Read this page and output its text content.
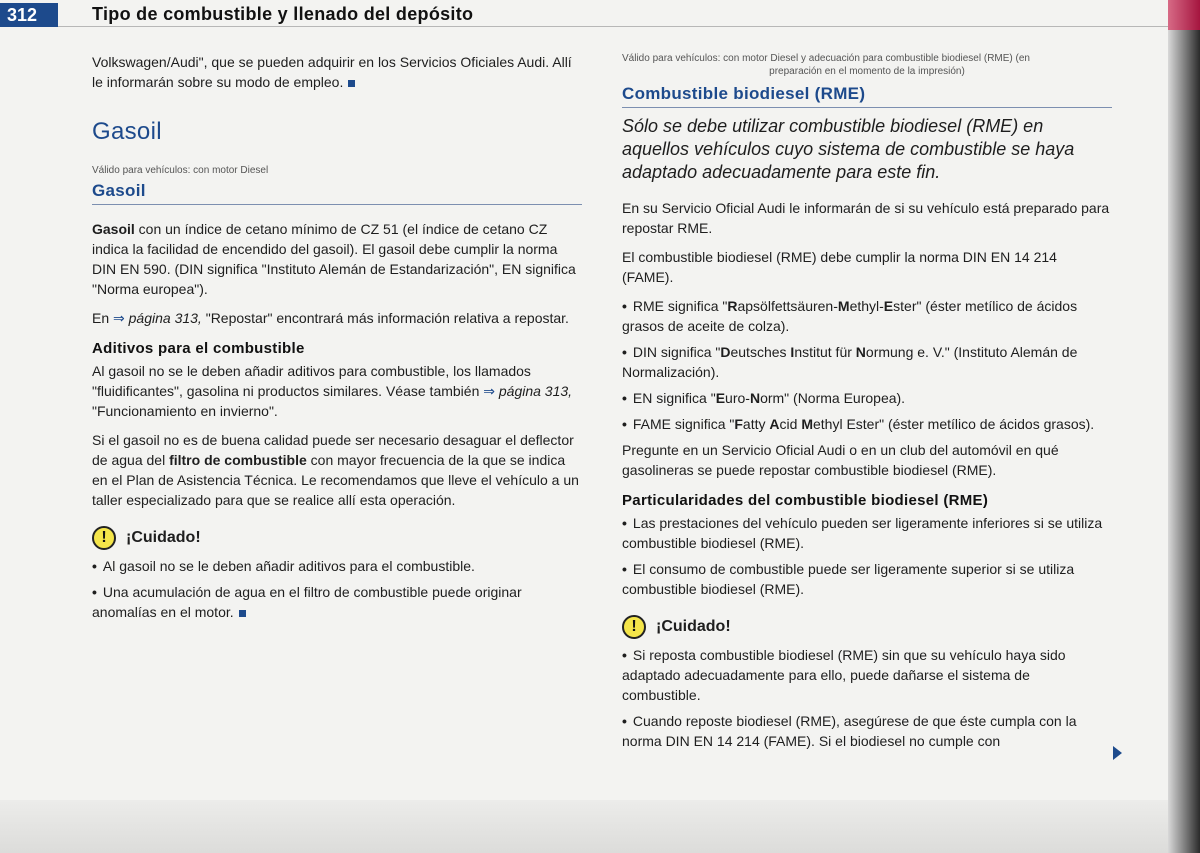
312	Tipo de combustible y llenado del depósito

Volkswagen/Audi", que se pueden adquirir en los Servicios Oficiales Audi. Allí le informarán sobre su modo de empleo.

Gasoil

Válido para vehículos: con motor Diesel

Gasoil

Gasoil con un índice de cetano mínimo de CZ 51 (el índice de cetano CZ indica la facilidad de encendido del gasoil). El gasoil debe cumplir la norma DIN EN 590. (DIN significa "Instituto Alemán de Estandarización", EN significa "Norma europea").

En ⇒ página 313, "Repostar" encontrará más información relativa a repostar.

Aditivos para el combustible

Al gasoil no se le deben añadir aditivos para combustible, los llamados "fluidificantes", gasolina ni productos similares. Véase también ⇒ página 313, "Funcionamiento en invierno".

Si el gasoil no es de buena calidad puede ser necesario desaguar el deflector de agua del filtro de combustible con mayor frecuencia de la que se indica en el Plan de Asistencia Técnica. Le recomendamos que lleve el vehículo a un taller especializado para que se realice allí esta operación.

!	¡Cuidado!

• Al gasoil no se le deben añadir aditivos para el combustible.

• Una acumulación de agua en el filtro de combustible puede originar anomalías en el motor.

Válido para vehículos: con motor Diesel y adecuación para combustible biodiesel (RME) (en

preparación en el momento de la impresión)

Combustible biodiesel (RME)

Sólo se debe utilizar combustible biodiesel (RME) en aquellos vehículos cuyo sistema de combustible se haya adaptado adecuadamente para este fin.

En su Servicio Oficial Audi le informarán de si su vehículo está preparado para repostar RME.

El combustible biodiesel (RME) debe cumplir la norma DIN EN 14 214 (FAME).

• RME significa "Rapsölfettsäuren-Methyl-Ester" (éster metílico de ácidos grasos de aceite de colza).

• DIN significa "Deutsches Institut für Normung e. V." (Instituto Alemán de Normalización).

• EN significa "Euro-Norm" (Norma Europea).

• FAME significa "Fatty Acid Methyl Ester" (éster metílico de ácidos grasos).

Pregunte en un Servicio Oficial Audi o en un club del automóvil en qué gasolineras se puede repostar combustible biodiesel (RME).

Particularidades del combustible biodiesel (RME)

• Las prestaciones del vehículo pueden ser ligeramente inferiores si se utiliza combustible biodiesel (RME).

• El consumo de combustible puede ser ligeramente superior si se utiliza combustible biodiesel (RME).

!	¡Cuidado!

• Si reposta combustible biodiesel (RME) sin que su vehículo haya sido adaptado adecuadamente para ello, puede dañarse el sistema de combustible.

• Cuando reposte biodiesel (RME), asegúrese de que éste cumpla con la norma DIN EN 14 214 (FAME). Si el biodiesel no cumple con
